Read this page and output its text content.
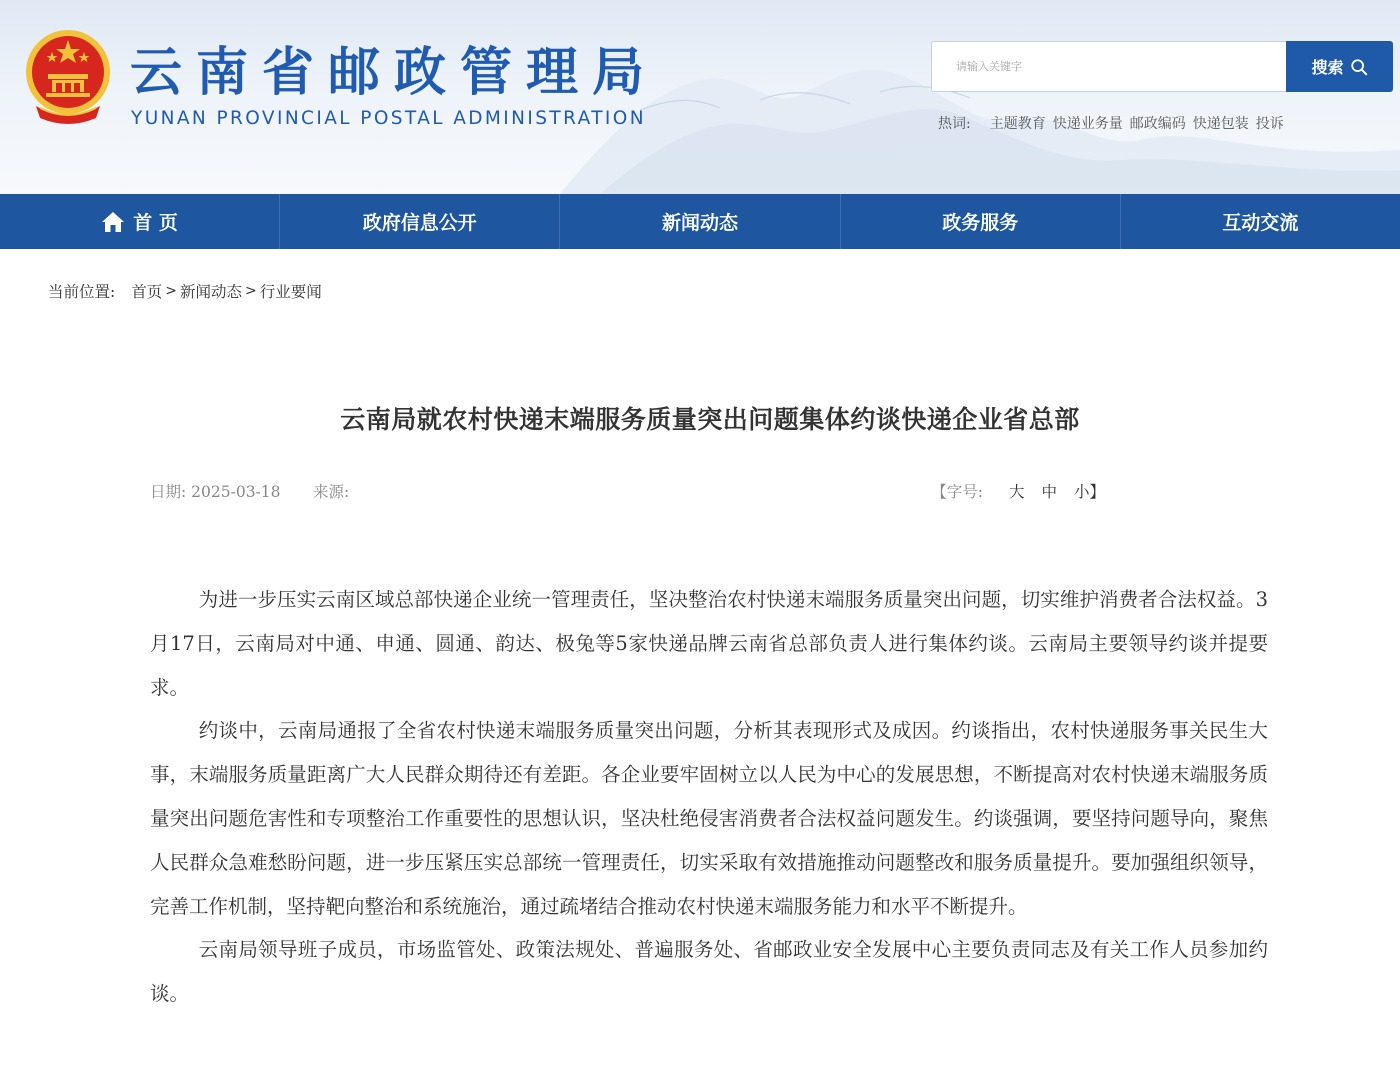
云南省邮政管理局
YUNAN PROVINCIAL POSTAL ADMINISTRATION
请输入关键字
搜索
热词: 主题教育 快递业务量 邮政编码 快递包装 投诉
首 页	政府信息公开	新闻动态	政务服务	互动交流
当前位置: 首页 > 新闻动态 > 行业要闻
云南局就农村快递末端服务质量突出问题集体约谈快递企业省总部
日期: 2025-03-18 来源:	【字号: 大 中 小】

为进一步压实云南区域总部快递企业统一管理责任，坚决整治农村快递末端服务质量突出问题，切实维护消费者合法权益。3月17日，云南局对中通、申通、圆通、韵达、极兔等5家快递品牌云南省总部负责人进行集体约谈。云南局主要领导约谈并提要求。

约谈中，云南局通报了全省农村快递末端服务质量突出问题，分析其表现形式及成因。约谈指出，农村快递服务事关民生大事，末端服务质量距离广大人民群众期待还有差距。各企业要牢固树立以人民为中心的发展思想，不断提高对农村快递末端服务质量突出问题危害性和专项整治工作重要性的思想认识，坚决杜绝侵害消费者合法权益问题发生。约谈强调，要坚持问题导向，聚焦人民群众急难愁盼问题，进一步压紧压实总部统一管理责任，切实采取有效措施推动问题整改和服务质量提升。要加强组织领导，完善工作机制，坚持靶向整治和系统施治，通过疏堵结合推动农村快递末端服务能力和水平不断提升。

云南局领导班子成员，市场监管处、政策法规处、普遍服务处、省邮政业安全发展中心主要负责同志及有关工作人员参加约谈。
